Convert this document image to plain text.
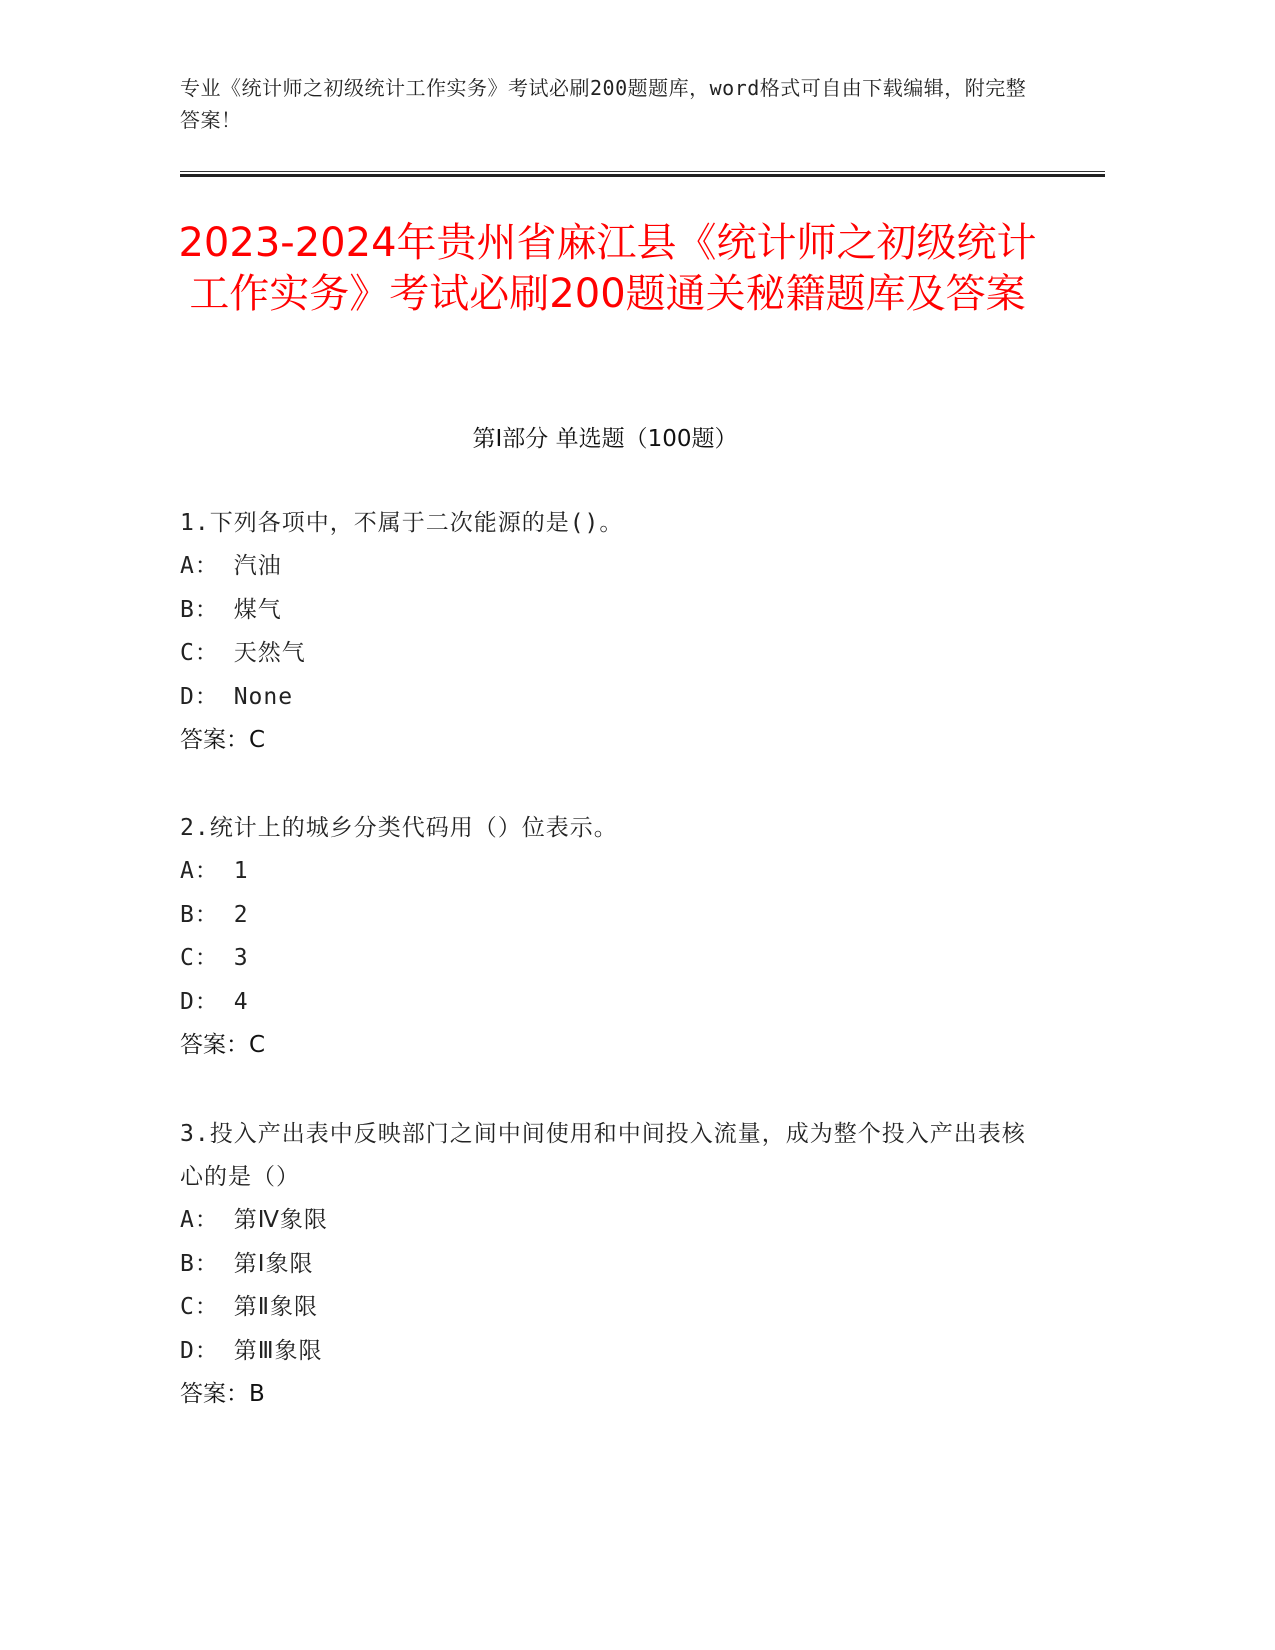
专业《统计师之初级统计工作实务》考试必刷200题题库，word格式可自由下载编辑，附完整答案！
2023-2024年贵州省麻江县《统计师之初级统计工作实务》考试必刷200题通关秘籍题库及答案
第Ⅰ部分 单选题（100题）
1.下列各项中，不属于二次能源的是()。
A： 汽油
B： 煤气
C： 天然气
D： None
答案：C
2.统计上的城乡分类代码用（）位表示。
A： 1
B： 2
C： 3
D： 4
答案：C
3.投入产出表中反映部门之间中间使用和中间投入流量，成为整个投入产出表核心的是（）
A： 第Ⅳ象限
B： 第Ⅰ象限
C： 第Ⅱ象限
D： 第Ⅲ象限
答案：B
